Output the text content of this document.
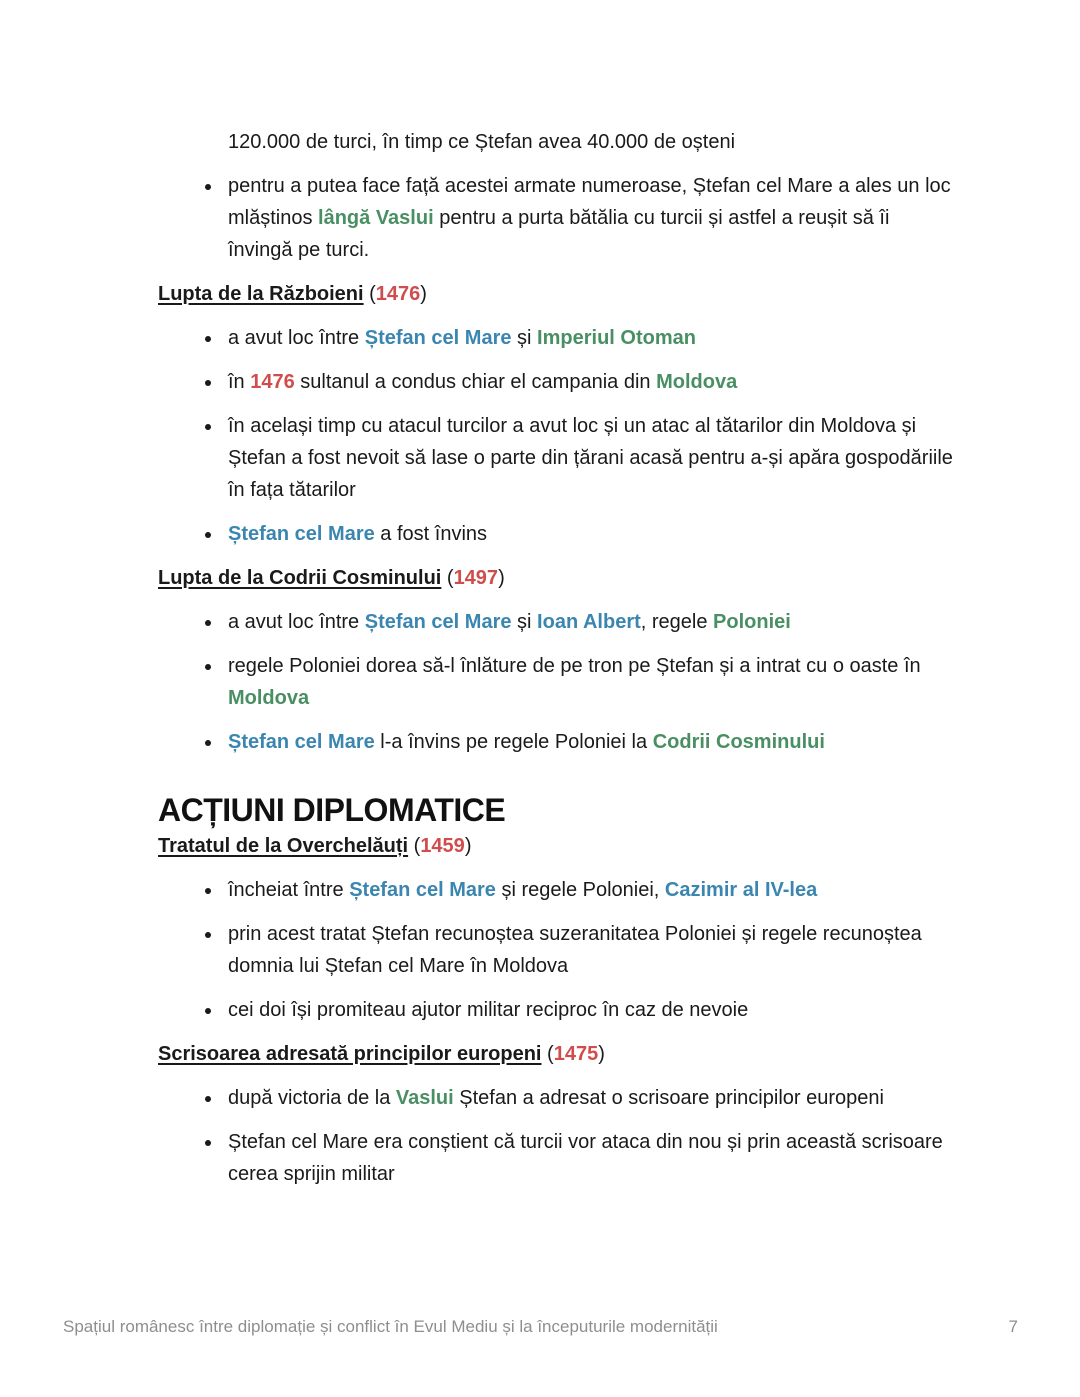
120.000 de turci, în timp ce Ștefan avea 40.000 de oșteni
pentru a putea face față acestei armate numeroase, Ștefan cel Mare a ales un loc mlăștinos lângă Vaslui pentru a purta bătălia cu turcii și astfel a reușit să îi învingă pe turci.
Lupta de la Războieni (1476)
a avut loc între Ștefan cel Mare și Imperiul Otoman
în 1476 sultanul a condus chiar el campania din Moldova
în același timp cu atacul turcilor a avut loc și un atac al tătarilor din Moldova și Ștefan a fost nevoit să lase o parte din țărani acasă pentru a-și apăra gospodăriile în fața tătarilor
Ștefan cel Mare a fost învins
Lupta de la Codrii Cosminului (1497)
a avut loc între Ștefan cel Mare și Ioan Albert, regele Poloniei
regele Poloniei dorea să-l înlăture de pe tron pe Ștefan și a intrat cu o oaste în Moldova
Ștefan cel Mare l-a învins pe regele Poloniei la Codrii Cosminului
ACȚIUNI DIPLOMATICE
Tratatul de la Overchelăuți (1459)
încheiat între Ștefan cel Mare și regele Poloniei, Cazimir al IV-lea
prin acest tratat Ștefan recunoștea suzeranitatea Poloniei și regele recunoștea domnia lui Ștefan cel Mare în Moldova
cei doi își promiteau ajutor militar reciproc în caz de nevoie
Scrisoarea adresată principilor europeni (1475)
după victoria de la Vaslui Ștefan a adresat o scrisoare principilor europeni
Ștefan cel Mare era conștient că turcii vor ataca din nou și prin această scrisoare cerea sprijin militar
Spațiul românesc între diplomație și conflict în Evul Mediu și la începuturile modernității	7
